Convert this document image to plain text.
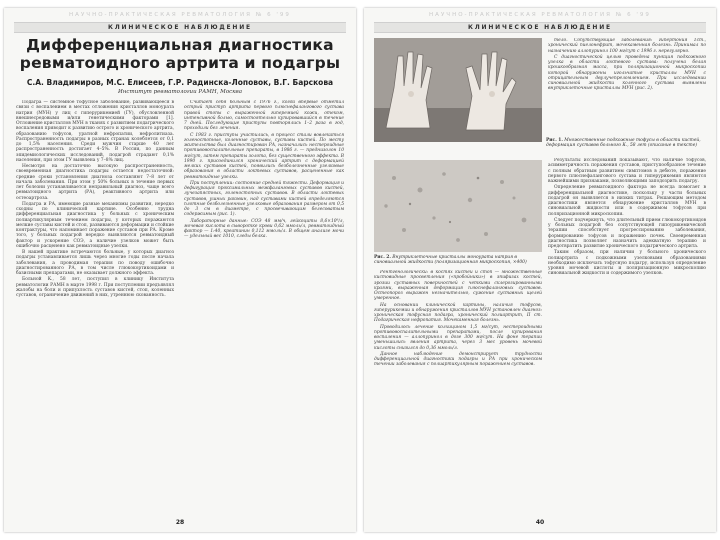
НАУЧНО-ПРАКТИЧЕСКАЯ РЕВМАТОЛОГИЯ № 6 '99
КЛИНИЧЕСКОЕ НАБЛЮДЕНИЕ
Дифференциальная диагностика
ревматоидного артрита и подагры
С.А. Владимиров, М.С. Елисеев, Г.Р. Радинска-Лоповок, В.Г. Барскова
Институт ревматологии РАМН, Москва

Подагра — системное тофусное заболевание, развивающееся в связи с воспалением в местах отложения кристаллов моноурата натрия (МУН) у лиц с гиперурикемией (ГУ), обусловленной внешнесредовыми и/или генетическими факторами [1]. Отложение кристаллов МУН в тканях с развитием подагрического воспаления приводит к развитию острого и хронического артрита, образованию тофусов, уратной нефропатии, нефролитиаза. Распространенность подагры в разных странах колеблется от 0,1 до 1,5% населения. Среди мужчин старше 40 лет распространенность достигает 4–5%. В России, по данным эпидемиологических исследований, подагрой страдают 0,1% населения, при этом ГУ выявлена у 7–8% лиц.

Несмотря на достаточно высокую распространенность, своевременная диагностика подагры остается недостаточной: средние сроки установления диагноза составляют 7–8 лет от начала заболевания. При этом у 50% больных в течение первых лет болезни устанавливается неправильный диагноз, чаще всего ревматоидного артрита (РА), реактивного артрита или остеоартроза.

Подагра и РА, имеющие разные механизмы развития, нередко сходны по клинической картине. Особенно трудна дифференциальная диагностика у больных с хроническим полиартикулярным течением подагры, у которых поражаются мелкие суставы кистей и стоп, развиваются деформации и стойкие контрактуры, что напоминает поражение суставов при РА. Кроме того, у больных подагрой нередко выявляются ревматоидный фактор и ускорение СОЭ, а наличие узелков может быть ошибочно расценено как ревматоидные узелки.

В нашей практике встречаются больные, у которых диагноз подагры устанавливается лишь через многие годы после начала заболевания, а проводимая терапия по поводу ошибочно диагностированного РА, в том числе глюкокортикоидами и базисными препаратами, не оказывает должного эффекта.

Больной К., 58 лет, поступил в клинику Института ревматологии РАМН в марте 1998 г. При поступлении предъявлял жалобы на боли и припухлость суставов кистей, стоп, коленных суставов, ограничение движений в них, утреннюю скованность.

Считает себя больным с 1976 г., когда впервые отметил острый приступ артрита первого плюснефалангового сустава правой стопы с выраженной гиперемией кожи, отеком, интенсивной болью, самостоятельно купировавшийся в течение 7 дней. Последующие приступы повторялись 1–2 раза в год, проходили без лечения.

С 1983 г. приступы участились, в процесс стали вовлекаться голеностопные, коленные суставы, суставы кистей. По месту жительства был диагностирован РА, назначались нестероидные противовоспалительные препараты, в 1986 г. — преднизолон 10 мг/сут, затем препараты золота, без существенного эффекта. В 1990 г. присоединился хронический артрит с деформацией мелких суставов кистей, появились безболезненные узелковые образования в области локтевых суставов, расцененные как ревматоидные узелки.

При поступлении: состояние средней тяжести. Деформация и дефигурация проксимальных межфаланговых суставов кистей, лучезапястных, голеностопных суставов. В области локтевых суставов, ушных раковин, над суставами кистей определяются плотные безболезненные узелковые образования размером от 0,5 до 3 см в диаметре, с просвечивающим белесоватым содержимым (рис. 1).

Лабораторные данные: СОЭ 48 мм/ч, лейкоциты 8,6×10⁹/л, мочевая кислота в сыворотке крови 0,62 ммоль/л, ревматоидный фактор — 1:40, креатинин 0,112 ммоль/л. В общем анализе мочи — удельный вес 1010, следы белка.

28
НАУЧНО-ПРАКТИЧЕСКАЯ РЕВМАТОЛОГИЯ № 6 '99
КЛИНИЧЕСКОЕ НАБЛЮДЕНИЕ
Рис. 1. Множественные подкожные тофусы в области кистей, деформация суставов больного К., 58 лет (описание в тексте)
Рис. 2. Внутриклеточные кристаллы моноурата натрия в синовиальной жидкости (поляризационная микроскопия, ×400)

тело. Сопутствующие заболевания: гипертония 1ст., хронический пиелонефрит, мочекаменная болезнь. Принимал по назначению аллопуринол 100 мг/сут с 1996 г. нерегулярно.

С диагностической целью проведена пункция подкожного узелка в области локтевого сустава: получена белая крошкообразная масса, при поляризационной микроскопии которой обнаружены игольчатые кристаллы МУН с отрицательным двулучепреломлением. При исследовании синовиальной жидкости коленного сустава выявлены внутриклеточные кристаллы МУН (рис. 2).

Рентгенологически: в костях кистей и стоп — множественные кистовидные просветления («пробойники») в эпифизах костей, эрозии суставных поверхностей с четкими склерозированными краями, выраженная деформация плюснефаланговых суставов. Остеопороз выражен незначительно, сужение суставных щелей умеренное.

На основании клинической картины, наличия тофусов, гиперурикемии и обнаружения кристаллов МУН установлен диагноз: хроническая тофусная подагра, хронический полиартрит, II ст. Подагрическая нефропатия. Мочекаменная болезнь.

Проводилось лечение колхицином 1,5 мг/сут, нестероидными противовоспалительными препаратами, после купирования воспаления — аллопуринол в дозе 300 мг/сут. На фоне терапии уменьшились явления артрита, через 3 мес уровень мочевой кислоты снизился до 0,36 ммоль/л.

Данное наблюдение демонстрирует трудности дифференциальной диагностики подагры и РА при хроническом течении заболевания с полиартикулярным поражением суставов.

Результаты исследований показывают, что наличие тофусов, асимметричность поражения суставов, приступообразное течение с полным обратным развитием симптомов в дебюте, поражение первого плюснефалангового сустава и гиперурикемия являются важнейшими признаками, позволяющими заподозрить подагру.

Определение ревматоидного фактора не всегда помогает в дифференциальной диагностике, поскольку у части больных подагрой он выявляется в низких титрах. Решающим методом диагностики является обнаружение кристаллов МУН в синовиальной жидкости или в содержимом тофусов при поляризационной микроскопии.

Следует подчеркнуть, что длительный прием глюкокортикоидов у больных подагрой без сопутствующей гипоурикемической терапии способствует прогрессированию заболевания, формированию тофусов и поражению почек. Своевременная диагностика позволяет назначить адекватную терапию и предотвратить развитие хронического подагрического артрита.

Таким образом, при наличии у больного хронического полиартрита с подкожными узелковыми образованиями необходимо исключать тофусную подагру, используя определение уровня мочевой кислоты и поляризационную микроскопию синовиальной жидкости и содержимого узелков.

40
